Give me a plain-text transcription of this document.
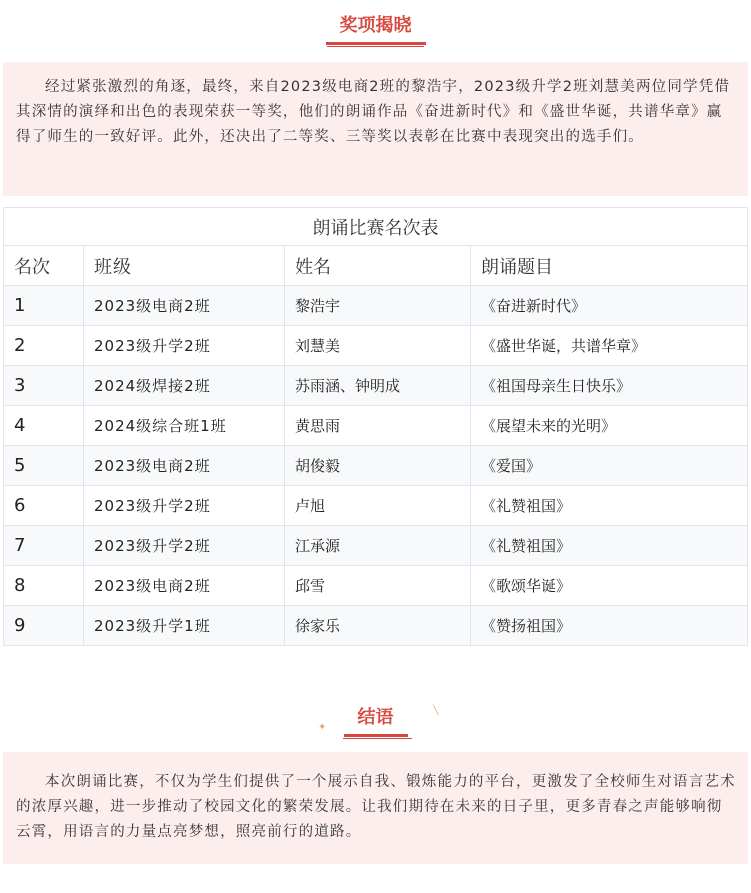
奖项揭晓

经过紧张激烈的角逐，最终，来自2023级电商2班的黎浩宇，2023级升学2班刘慧美两位同学凭借其深情的演绎和出色的表现荣获一等奖，他们的朗诵作品《奋进新时代》和《盛世华诞，共谱华章》赢得了师生的一致好评。此外，还决出了二等奖、三等奖以表彰在比赛中表现突出的选手们。

朗诵比赛名次表			
名次	班级	姓名	朗诵题目
1	2023级电商2班	黎浩宇	《奋进新时代》
2	2023级升学2班	刘慧美	《盛世华诞，共谱华章》
3	2024级焊接2班	苏雨涵、钟明成	《祖国母亲生日快乐》
4	2024级综合班1班	黄思雨	《展望未来的光明》
5	2023级电商2班	胡俊毅	《爱国》
6	2023级升学2班	卢旭	《礼赞祖国》
7	2023级升学2班	江承源	《礼赞祖国》
8	2023级电商2班	邱雪	《歌颂华诞》
9	2023级升学1班	徐家乐	《赞扬祖国》
✦
╲
结语

本次朗诵比赛，不仅为学生们提供了一个展示自我、锻炼能力的平台，更激发了全校师生对语言艺术的浓厚兴趣，进一步推动了校园文化的繁荣发展。让我们期待在未来的日子里，更多青春之声能够响彻云霄，用语言的力量点亮梦想，照亮前行的道路。
